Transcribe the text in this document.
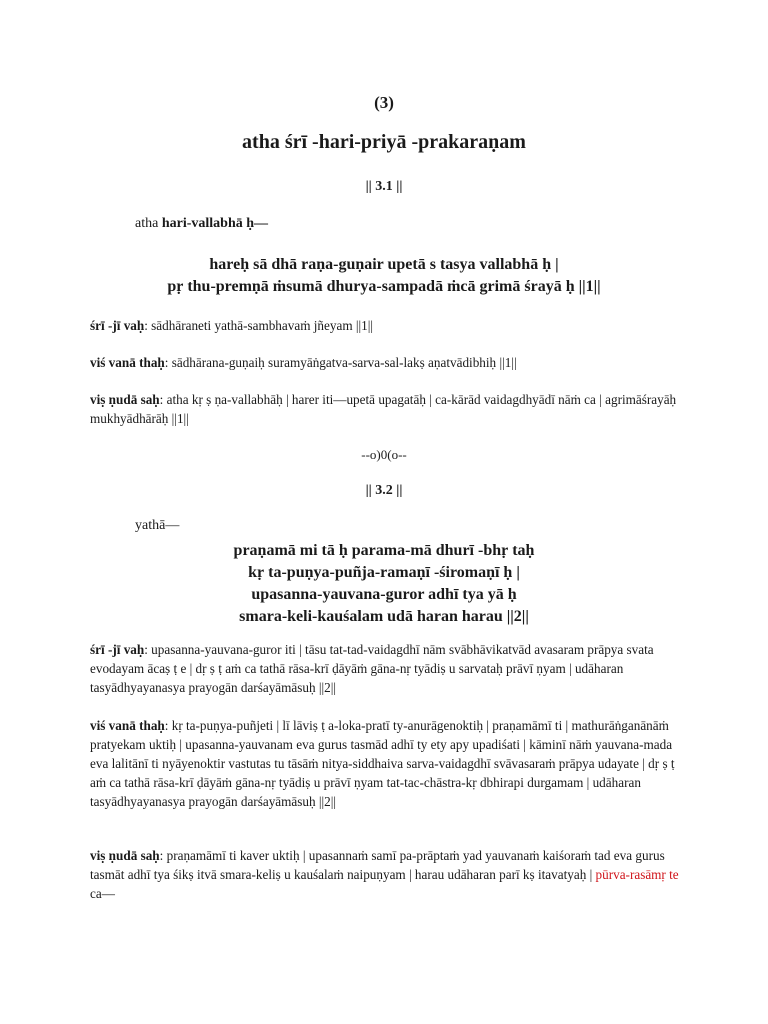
(3)
atha śrī -hari-priyā -prakaraṇam
|| 3.1 ||
atha hari-vallabhā ḥ—
hareḥ sā dhā raṇa-guṇair upetā s tasya vallabhā ḥ |
pṛ thu-premṇā ṁsumā dhurya-sampadā ṁcā grimā śrayā ḥ ||1||
śrī -jī vaḥ: sādhāraneti yathā-sambhavaṁ jñeyam ||1||
viś vanā thaḥ: sādhārana-guṇaiḥ suramyāṅgatva-sarva-sal-lakṣ aṇatvādibhiḥ ||1||
viṣ ṇudā saḥ: atha kṛ ṣ ṇa-vallabhāḥ | harer iti—upetā upagatāḥ | ca-kārād vaidagdhyādī nāṁ ca | agrimāśrayāḥ mukhyādhārāḥ ||1||
--o)0(o--
|| 3.2 ||
yathā—
praṇamā mi tā ḥ parama-mā dhurī -bhṛ taḥ
kṛ ta-puṇya-puñja-ramaṇī -śiromaṇī ḥ |
upasanna-yauvana-guror adhī tya yā ḥ
smara-keli-kauśalam udā haran harau ||2||
śrī -jī vaḥ: upasanna-yauvana-guror iti | tāsu tat-tad-vaidagdhī nām svābhāvikatvād avasaram prāpya svata evodayam ācaṣ ṭ e | dṛ ṣ ṭ aṁ ca tathā rāsa-krī ḍāyāṁ gāna-nṛ tyādiṣ u sarvataḥ prāvī ṇyam | udāharan tasyādhyayanasya prayogān darśayāmāsuḥ ||2||
viś vanā thaḥ: kṛ ta-puṇya-puñjeti | lī lāviṣ ṭ a-loka-pratī ty-anurāgenoktiḥ | praṇamāmī ti | mathurāṅganānāṁ pratyekam uktiḥ | upasanna-yauvanam eva gurus tasmād adhī ty ety apy upadiśati | kāminī nāṁ yauvana-mada eva lalitānī ti nyāyenoktir vastutas tu tāsāṁ nitya-siddhaiva sarva-vaidagdhī svāvasaraṁ prāpya udayate | dṛ ṣ ṭ aṁ ca tathā rāsa-krī ḍāyāṁ gāna-nṛ tyādiṣ u prāvī ṇyam tat-tac-chāstra-kṛ dbhirapi durgamam | udāharan tasyādhyayanasya prayogān darśayāmāsuḥ ||2||
viṣ ṇudā saḥ: praṇamāmī ti kaver uktiḥ | upasannaṁ samī pa-prāptaṁ yad yauvanaṁ kaiśoraṁ tad eva gurus tasmāt adhī tya śikṣ itvā smara-keliṣ u kauśalaṁ naipuṇyam | harau udāharan parī kṣ itavatyaḥ | pūrva-rasāmṛ te ca—
